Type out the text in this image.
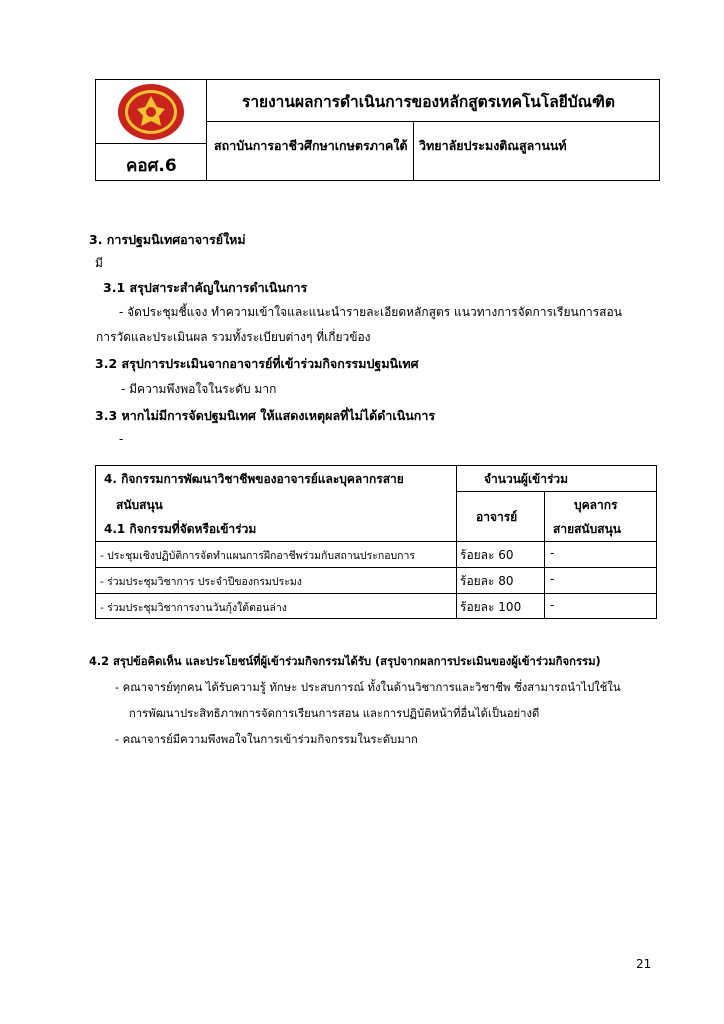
คอศ.6
รายงานผลการดำเนินการของหลักสูตรเทคโนโลยีบัณฑิต
สถาบันการอาชีวศึกษาเกษตรภาคใต้ วิทยาลัยประมงติณสูลานนท์
3. การปฐมนิเทศอาจารย์ใหม่
มี
3.1 สรุปสาระสำคัญในการดำเนินการ
- จัดประชุมชี้แจง ทำความเข้าใจและแนะนำรายละเอียดหลักสูตร แนวทางการจัดการเรียนการสอน
การวัดและประเมินผล รวมทั้งระเบียบต่างๆ ที่เกี่ยวข้อง
3.2 สรุปการประเมินจากอาจารย์ที่เข้าร่วมกิจกรรมปฐมนิเทศ
- มีความพึงพอใจในระดับ มาก
3.3 หากไม่มีการจัดปฐมนิเทศ ให้แสดงเหตุผลที่ไม่ได้ดำเนินการ
-
4. กิจกรรมการพัฒนาวิชาชีพของอาจารย์และบุคลากรสาย
สนับสนุน
4.1 กิจกรรมที่จัดหรือเข้าร่วม
จำนวนผู้เข้าร่วม
อาจารย์
บุคลากร
สายสนับสนุน
- ประชุมเชิงปฏิบัติการจัดทำแผนการฝึกอาชีพร่วมกับสถานประกอบการ	ร้อยละ 60	-
- ร่วมประชุมวิชาการ ประจำปีของกรมประมง	ร้อยละ 80	-
- ร่วมประชุมวิชาการงานวันกุ้งใต้ตอนล่าง	ร้อยละ 100 -
4.2 สรุปข้อคิดเห็น และประโยชน์ที่ผู้เข้าร่วมกิจกรรมได้รับ (สรุปจากผลการประเมินของผู้เข้าร่วมกิจกรรม)
- คณาจารย์ทุกคน ได้รับความรู้ ทักษะ ประสบการณ์ ทั้งในด้านวิชาการและวิชาชีพ ซึ่งสามารถนำไปใช้ใน
การพัฒนาประสิทธิภาพการจัดการเรียนการสอน และการปฏิบัติหน้าที่อื่นได้เป็นอย่างดี
- คณาจารย์มีความพึงพอใจในการเข้าร่วมกิจกรรมในระดับมาก
21
